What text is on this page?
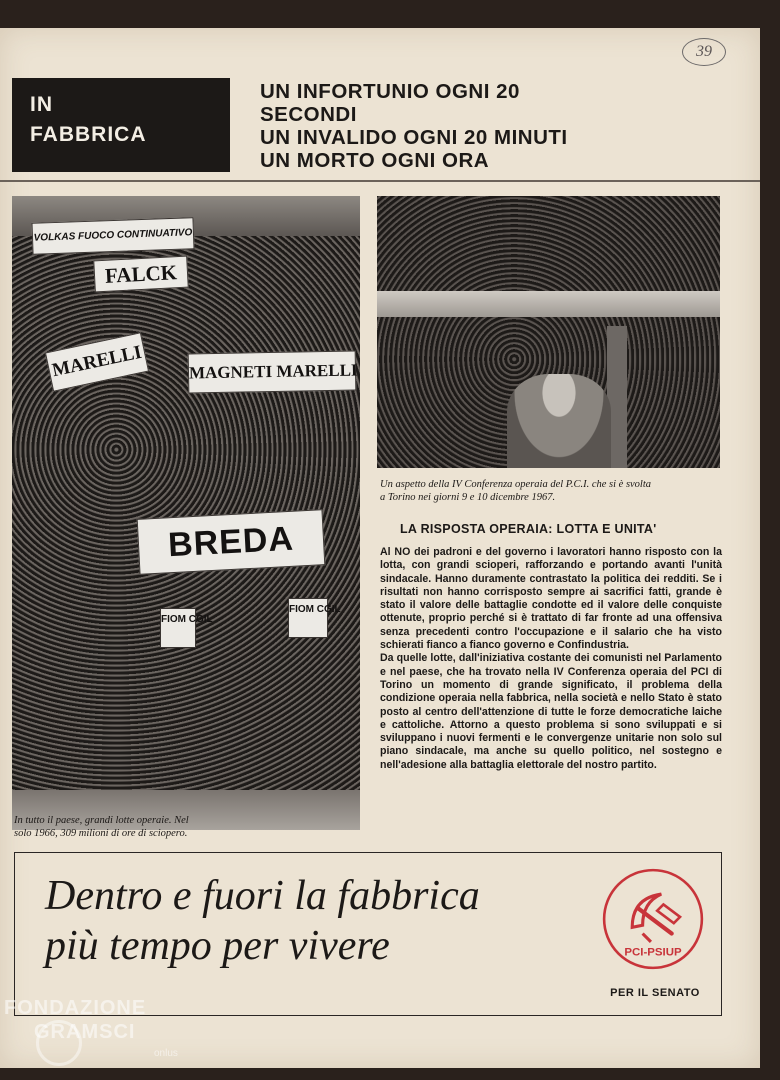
39
IN
FABBRICA
UN INFORTUNIO OGNI 20
SECONDI
UN INVALIDO OGNI 20 MINUTI
UN MORTO OGNI ORA
VOLKAS FUOCO CONTINUATIVO
FALCK
MARELLI	MAGNETI MARELLI
BREDA
FIOM CGIL
FIOM CGIL
In tutto il paese, grandi lotte operaie. Nel
solo 1966, 309 milioni di ore di sciopero.
Un aspetto della IV Conferenza operaia del P.C.I. che si è svolta
a Torino nei giorni 9 e 10 dicembre 1967.
LA RISPOSTA OPERAIA: LOTTA E UNITA'

Al NO dei padroni e del governo i lavoratori hanno risposto con la lotta, con grandi scioperi, rafforzando e portando avanti l'unità sindacale. Hanno duramente contrastato la politica dei redditi. Se i risultati non hanno corrisposto sempre ai sacrifici fatti, grande è stato il valore delle battaglie condotte ed il valore delle conquiste ottenute, proprio perché si è trattato di far fronte ad una offensiva senza precedenti contro l'occupazione e il salario che ha visto schierati fianco a fianco governo e Confindustria.

Da quelle lotte, dall'iniziativa costante dei comunisti nel Parlamento e nel paese, che ha trovato nella IV Conferenza operaia del PCI di Torino un momento di grande significato, il problema della condizione operaia nella fabbrica, nella società e nello Stato è stato posto al centro dell'attenzione di tutte le forze democratiche laiche e cattoliche. Attorno a questo problema si sono sviluppati e si sviluppano i nuovi fermenti e le convergenze unitarie non solo sul piano sindacale, ma anche su quello politico, nel sostegno e nell'adesione alla battaglia elettorale del nostro partito.

Dentro e fuori la fabbrica
più tempo per vivere	PCI-PSIUP
PER IL SENATO
FONDAZIONE
GRAMSCI
onlus
